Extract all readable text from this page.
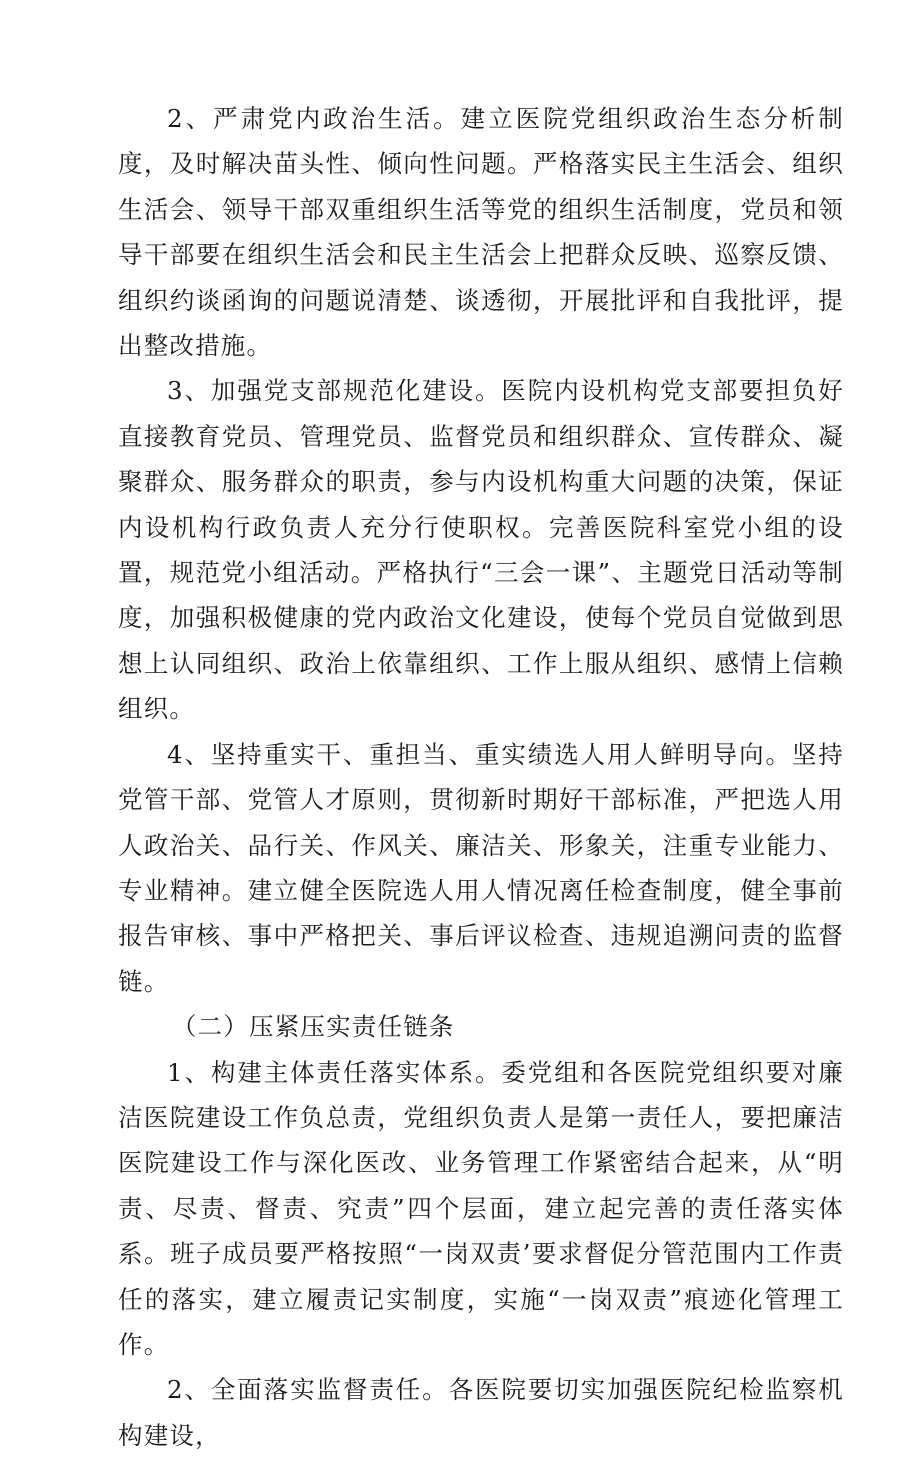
2、严肃党内政治生活。建立医院党组织政治生态分析制度，及时解决苗头性、倾向性问题。严格落实民主生活会、组织生活会、领导干部双重组织生活等党的组织生活制度，党员和领导干部要在组织生活会和民主生活会上把群众反映、巡察反馈、组织约谈函询的问题说清楚、谈透彻，开展批评和自我批评，提出整改措施。

3、加强党支部规范化建设。医院内设机构党支部要担负好直接教育党员、管理党员、监督党员和组织群众、宣传群众、凝聚群众、服务群众的职责，参与内设机构重大问题的决策，保证内设机构行政负责人充分行使职权。完善医院科室党小组的设置，规范党小组活动。严格执行“三会一课”、主题党日活动等制度，加强积极健康的党内政治文化建设，使每个党员自觉做到思想上认同组织、政治上依靠组织、工作上服从组织、感情上信赖组织。

4、坚持重实干、重担当、重实绩选人用人鲜明导向。坚持党管干部、党管人才原则，贯彻新时期好干部标准，严把选人用人政治关、品行关、作风关、廉洁关、形象关，注重专业能力、专业精神。建立健全医院选人用人情况离任检查制度，健全事前报告审核、事中严格把关、事后评议检查、违规追溯问责的监督链。

（二）压紧压实责任链条

1、构建主体责任落实体系。委党组和各医院党组织要对廉洁医院建设工作负总责，党组织负责人是第一责任人，要把廉洁医院建设工作与深化医改、业务管理工作紧密结合起来，从“明责、尽责、督责、究责”四个层面，建立起完善的责任落实体系。班子成员要严格按照“一岗双责’要求督促分管范围内工作责任的落实，建立履责记实制度，实施“一岗双责”痕迹化管理工作。

2、全面落实监督责任。各医院要切实加强医院纪检监察机构建设，
